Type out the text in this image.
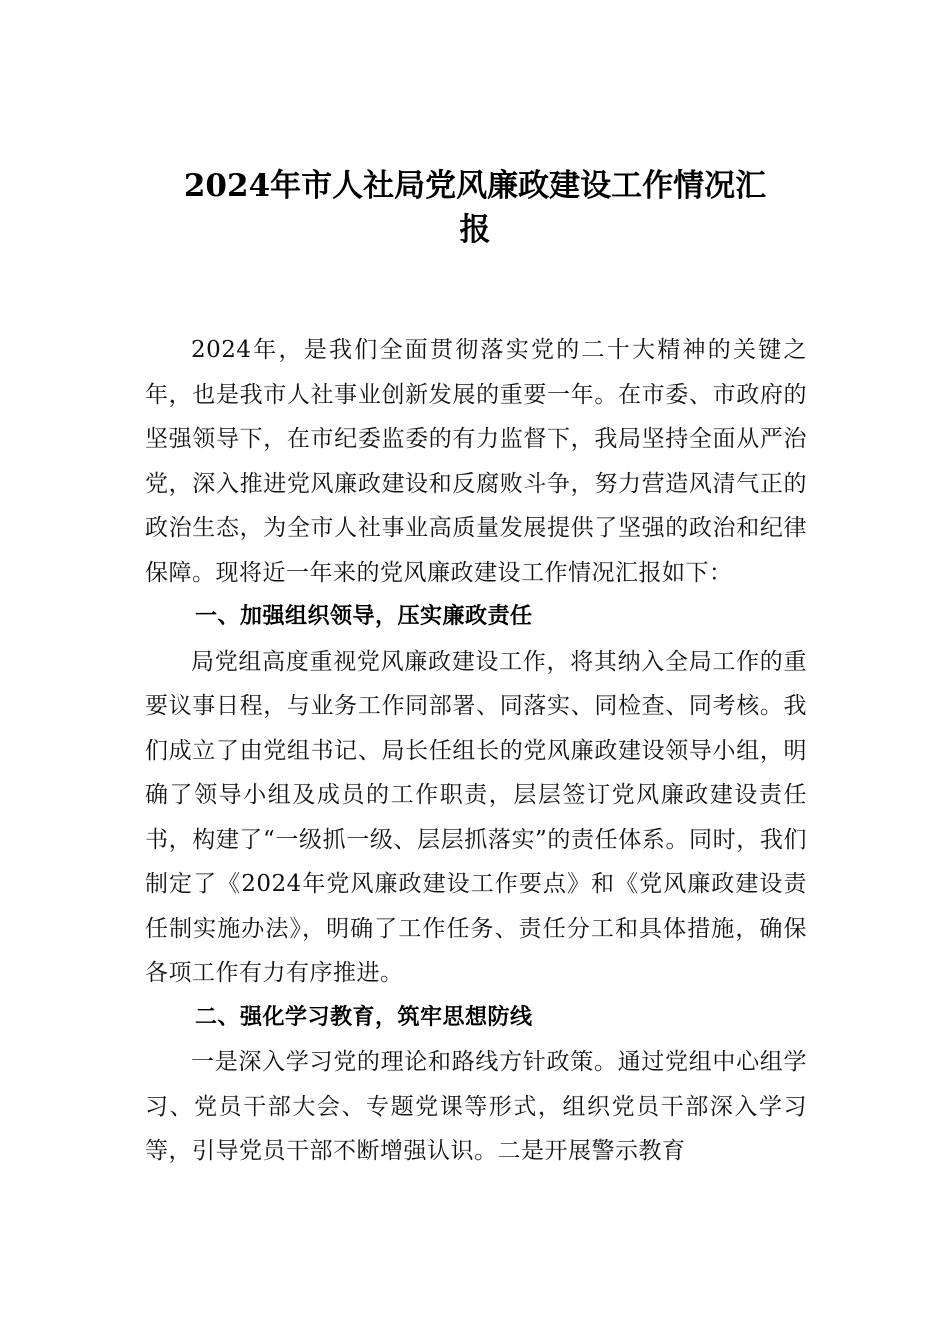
2024年市人社局党风廉政建设工作情况汇
报

2024年，是我们全面贯彻落实党的二十大精神的关键之年，也是我市人社事业创新发展的重要一年。在市委、市政府的坚强领导下，在市纪委监委的有力监督下，我局坚持全面从严治党，深入推进党风廉政建设和反腐败斗争，努力营造风清气正的政治生态，为全市人社事业高质量发展提供了坚强的政治和纪律保障。现将近一年来的党风廉政建设工作情况汇报如下：

一、加强组织领导，压实廉政责任

局党组高度重视党风廉政建设工作，将其纳入全局工作的重要议事日程，与业务工作同部署、同落实、同检查、同考核。我们成立了由党组书记、局长任组长的党风廉政建设领导小组，明确了领导小组及成员的工作职责，层层签订党风廉政建设责任书，构建了“一级抓一级、层层抓落实”的责任体系。同时，我们制定了《2024年党风廉政建设工作要点》和《党风廉政建设责任制实施办法》，明确了工作任务、责任分工和具体措施，确保各项工作有力有序推进。

二、强化学习教育，筑牢思想防线

一是深入学习党的理论和路线方针政策。通过党组中心组学习、党员干部大会、专题党课等形式，组织党员干部深入学习等，引导党员干部不断增强认识。二是开展警示教育
